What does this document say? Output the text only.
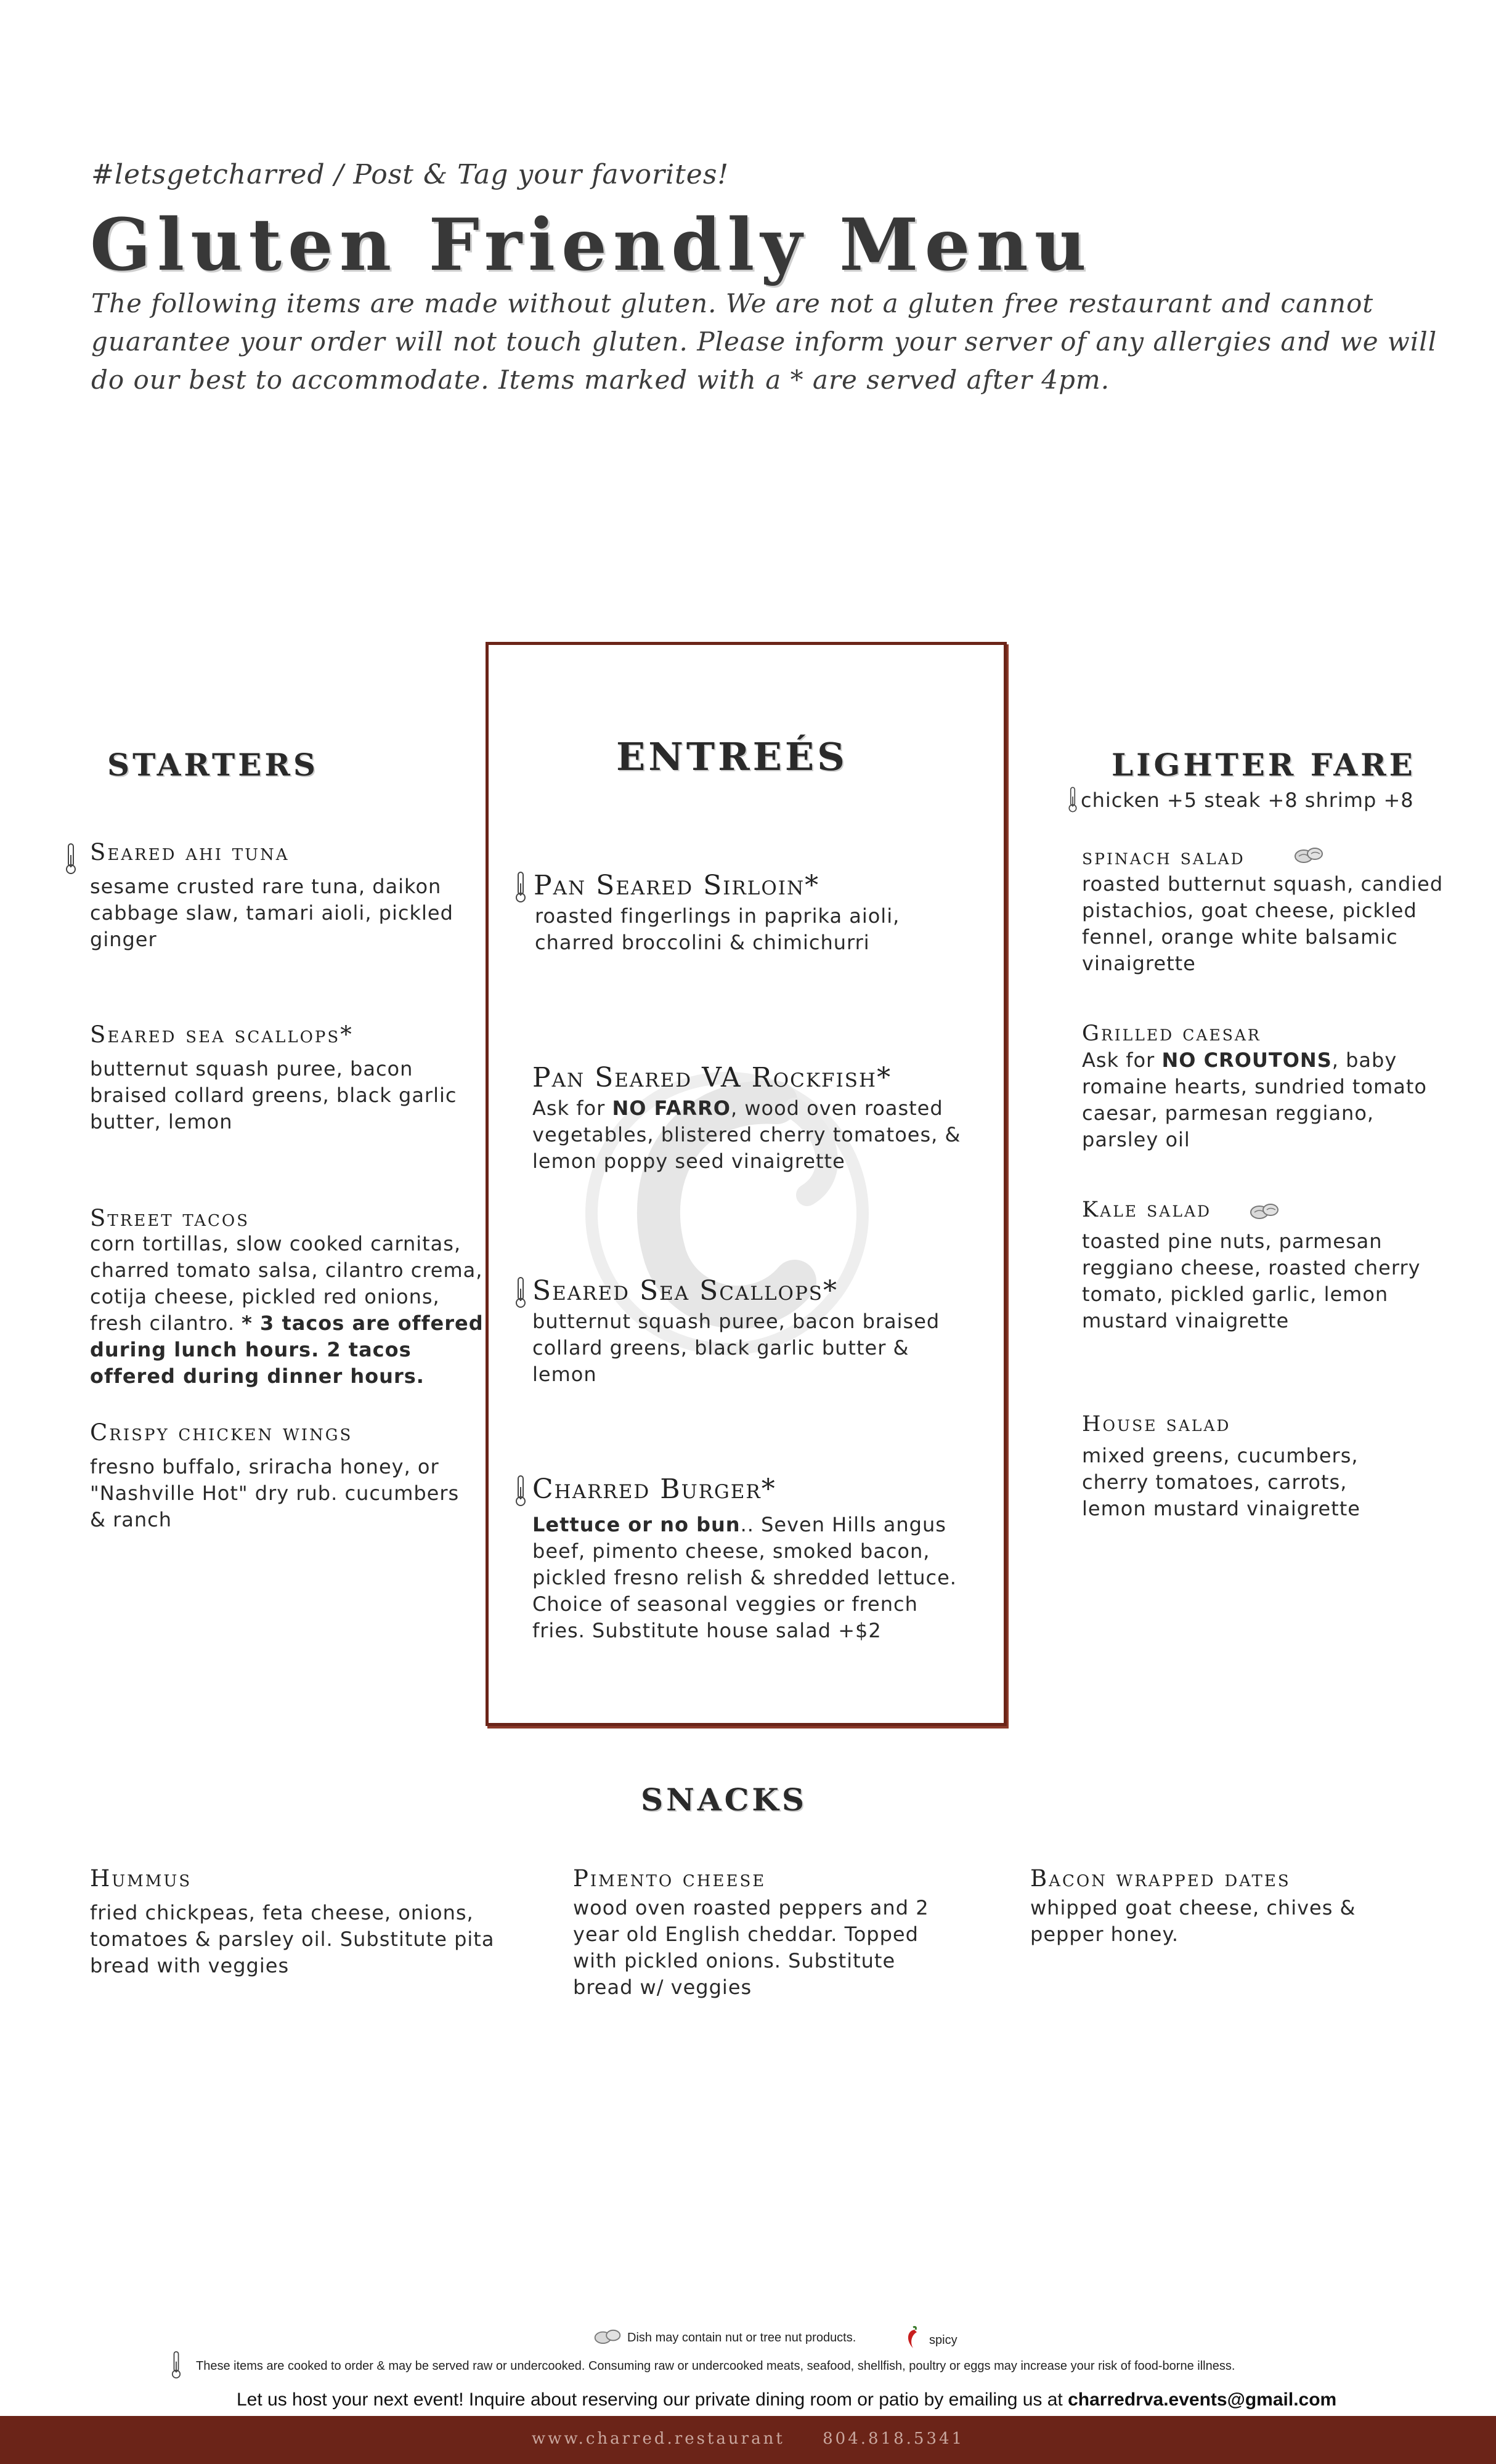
#letsgetcharred / Post & Tag your favorites!
Gluten Friendly Menu
The following items are made without gluten. We are not a gluten free restaurant and cannot guarantee your order will not touch gluten. Please inform your server of any allergies and we will do our best to accommodate. Items marked with a * are served after 4pm.
STARTERS
Seared ahi tuna
sesame crusted rare tuna, daikon cabbage slaw, tamari aioli, pickled ginger
Seared sea scallops*
butternut squash puree, bacon braised collard greens, black garlic butter, lemon
Street tacos
corn tortillas, slow cooked carnitas, charred tomato salsa, cilantro crema, cotija cheese, pickled red onions, fresh cilantro. * 3 tacos are offered during lunch hours. 2 tacos offered during dinner hours.
Crispy chicken wings
fresno buffalo, sriracha honey, or "Nashville Hot" dry rub. cucumbers & ranch
ENTREÉS
Pan Seared Sirloin*
roasted fingerlings in paprika aioli, charred broccolini & chimichurri
Pan Seared VA Rockfish*
Ask for NO FARRO, wood oven roasted vegetables, blistered cherry tomatoes, & lemon poppy seed vinaigrette
Seared Sea Scallops*
butternut squash puree, bacon braised collard greens, black garlic butter & lemon
Charred Burger*
Lettuce or no bun.. Seven Hills angus beef, pimento cheese, smoked bacon, pickled fresno relish & shredded lettuce. Choice of seasonal veggies or french fries. Substitute house salad +$2
LIGHTER FARE
chicken +5 steak +8 shrimp +8
spinach salad
roasted butternut squash, candied pistachios, goat cheese, pickled fennel, orange white balsamic vinaigrette
Grilled caesar
Ask for NO CROUTONS, baby romaine hearts, sundried tomato caesar, parmesan reggiano, parsley oil
Kale salad
toasted pine nuts, parmesan reggiano cheese, roasted cherry tomato, pickled garlic, lemon mustard vinaigrette
House salad
mixed greens, cucumbers, cherry tomatoes, carrots, lemon mustard vinaigrette
SNACKS
Hummus
fried chickpeas, feta cheese, onions, tomatoes & parsley oil. Substitute pita bread with veggies
Pimento cheese
wood oven roasted peppers and 2 year old English cheddar. Topped with pickled onions. Substitute bread w/ veggies
Bacon wrapped dates
whipped goat cheese, chives & pepper honey.
Dish may contain nut or tree nut products.	spicy
These items are cooked to order & may be served raw or undercooked. Consuming raw or undercooked meats, seafood, shellfish, poultry or eggs may increase your risk of food-borne illness.
Let us host your next event! Inquire about reserving our private dining room or patio by emailing us at charredrva.events@gmail.com
www.charred.restaurant 804.818.5341
